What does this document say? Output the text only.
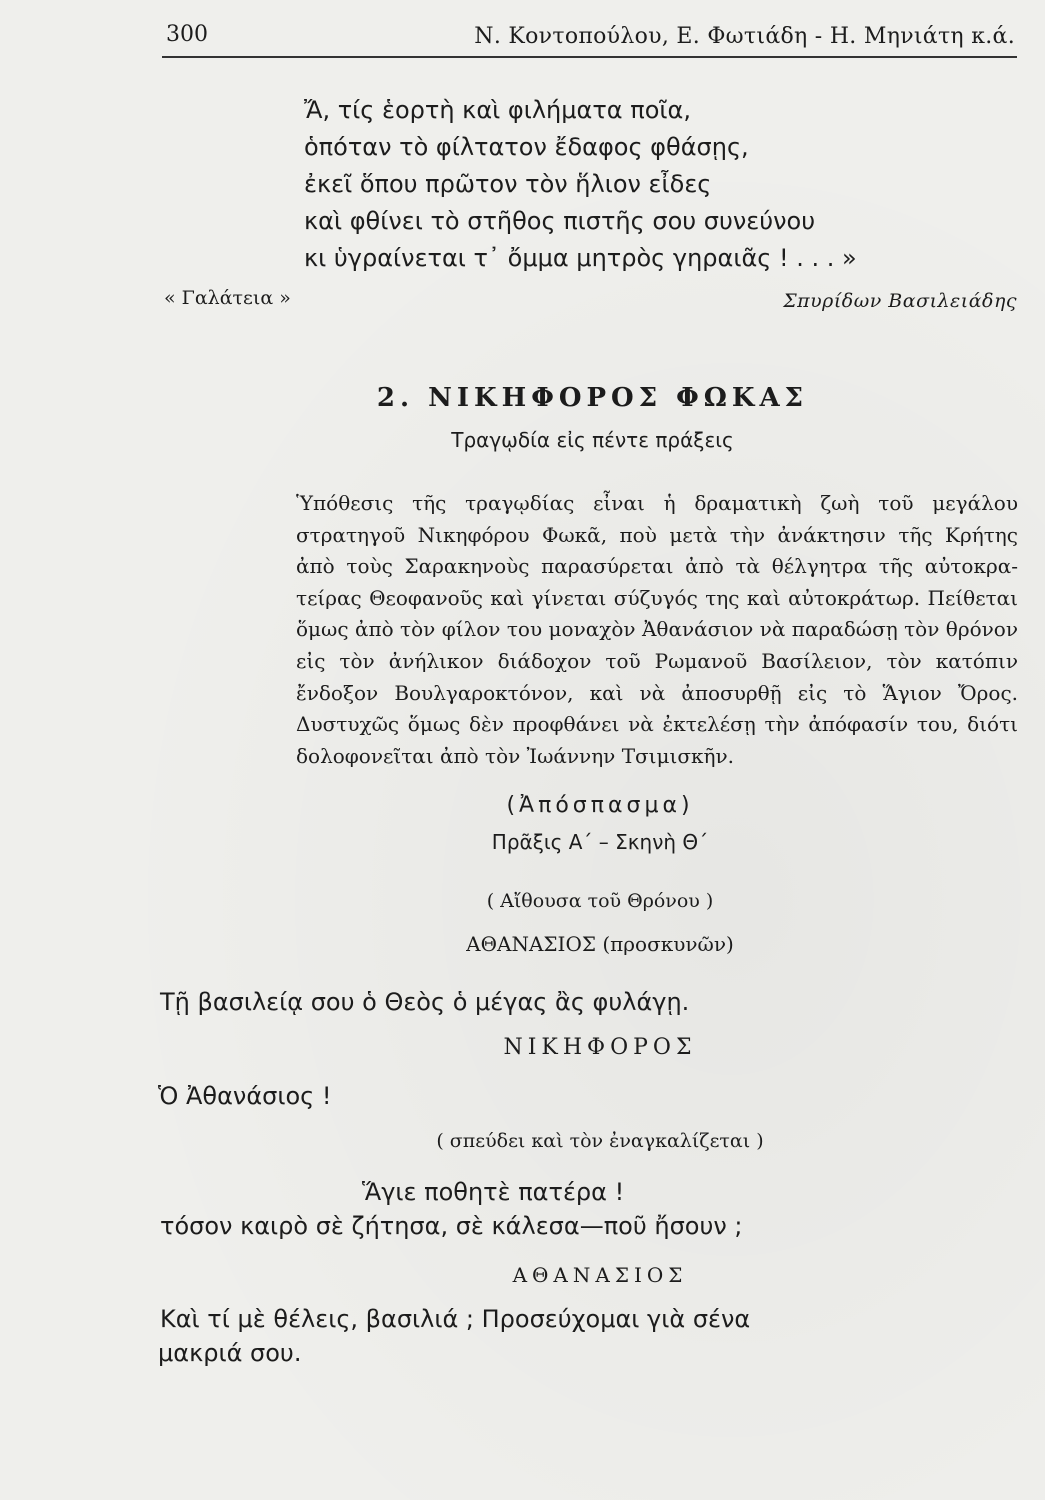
300	Ν. Κοντοπούλου, Ε. Φωτιάδη - Η. Μηνιάτη κ.ά.
Ἄ, τίς ἑορτὴ καὶ φιλήματα ποῖα,
ὁπόταν τὸ φίλτατον ἔδαφος φθάσῃς,
ἐκεῖ ὅπου πρῶτον τὸν ἥλιον εἶδες
καὶ φθίνει τὸ στῆθος πιστῆς σου συνεύνου
κι ὑγραίνεται τ᾽ ὄμμα μητρὸς γηραιᾶς ! . . . »
« Γαλάτεια »	Σπυρίδων Βασιλειάδης
2. ΝΙΚΗΦΟΡΟΣ ΦΩΚΑΣ
Τραγῳδία εἰς πέντε πράξεις
Ὑπόθεσις τῆς τραγῳδίας εἶναι ἡ δραματικὴ ζωὴ τοῦ μεγάλου
στρατηγοῦ Νικηφόρου Φωκᾶ, ποὺ μετὰ τὴν ἀνάκτησιν τῆς Κρήτης
ἀπὸ τοὺς Σαρακηνοὺς παρασύρεται ἀπὸ τὰ θέλγητρα τῆς αὐτοκρα-
τείρας Θεοφανοῦς καὶ γίνεται σύζυγός της καὶ αὐτοκράτωρ. Πείθεται
ὅμως ἀπὸ τὸν φίλον του μοναχὸν Ἀθανάσιον νὰ παραδώσῃ τὸν θρόνον
εἰς τὸν ἀνήλικον διάδοχον τοῦ Ρωμανοῦ Βασίλειον, τὸν κατόπιν
ἔνδοξον Βουλγαροκτόνον, καὶ νὰ ἀποσυρθῇ εἰς τὸ Ἅγιον Ὄρος.
Δυστυχῶς ὅμως δὲν προφθάνει νὰ ἐκτελέσῃ τὴν ἀπόφασίν του, διότι
δολοφονεῖται ἀπὸ τὸν Ἰωάννην Τσιμισκῆν.
(Ἀπόσπασμα)
Πρᾶξις Α΄ – Σκηνὴ Θ΄
( Αἴθουσα τοῦ Θρόνου )
ΑΘΑΝΑΣΙΟΣ (προσκυνῶν)
Τῇ βασιλείᾳ σου ὁ Θεὸς ὁ μέγας ἂς φυλάγῃ.
ΝΙΚΗΦΟΡΟΣ
Ὁ Ἀθανάσιος !
( σπεύδει καὶ τὸν ἐναγκαλίζεται )
Ἅγιε ποθητὲ πατέρα !
τόσον καιρὸ σὲ ζήτησα, σὲ κάλεσα—ποῦ ἤσουν ;
ΑΘΑΝΑΣΙΟΣ
Καὶ τί μὲ θέλεις, βασιλιά ; Προσεύχομαι γιὰ σένα
μακριά σου.
